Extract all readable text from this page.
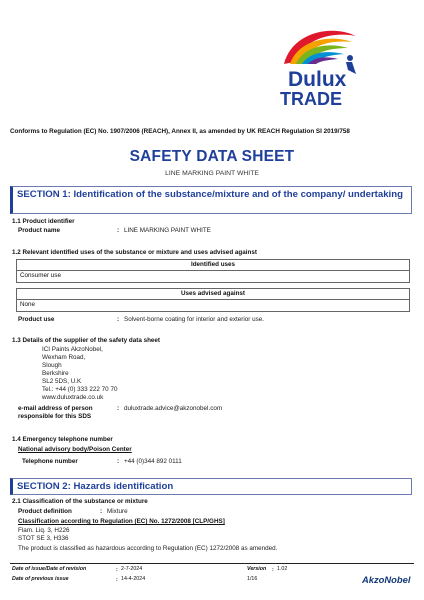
Dulux
TRADE
Conforms to Regulation (EC) No. 1907/2006 (REACH), Annex II, as amended by UK REACH Regulation SI 2019/758
SAFETY DATA SHEET
LINE MARKING PAINT WHITE
SECTION 1: Identification of the substance/mixture and of the company/ undertaking
1.1 Product identifier
Product name	: LINE MARKING PAINT WHITE
1.2 Relevant identified uses of the substance or mixture and uses advised against
Identified uses
Consumer use
Uses advised against
None
Product use	: Solvent-borne coating for interior and exterior use.
1.3 Details of the supplier of the safety data sheet
ICI Paints AkzoNobel,
Wexham Road,
Slough
Berkshire
SL2 5DS, U.K
Tel.: +44 (0) 333 222 70 70
www.duluxtrade.co.uk
e-mail address of person
responsible for this SDS
: duluxtrade.advice@akzonobel.com
1.4 Emergency telephone number
National advisory body/Poison Center
Telephone number	: +44 (0)344 892 0111
SECTION 2: Hazards identification
2.1 Classification of the substance or mixture
Product definition	: Mixture
Classification according to Regulation (EC) No. 1272/2008 [CLP/GHS]
Flam. Liq. 3, H226
STOT SE 3, H336
The product is classified as hazardous according to Regulation (EC) 1272/2008 as amended.
Date of issue/Date of revision	: 2-7-2024	Version : 1.02
Date of previous issue	: 14-4-2024	1/16	AkzoNobel
